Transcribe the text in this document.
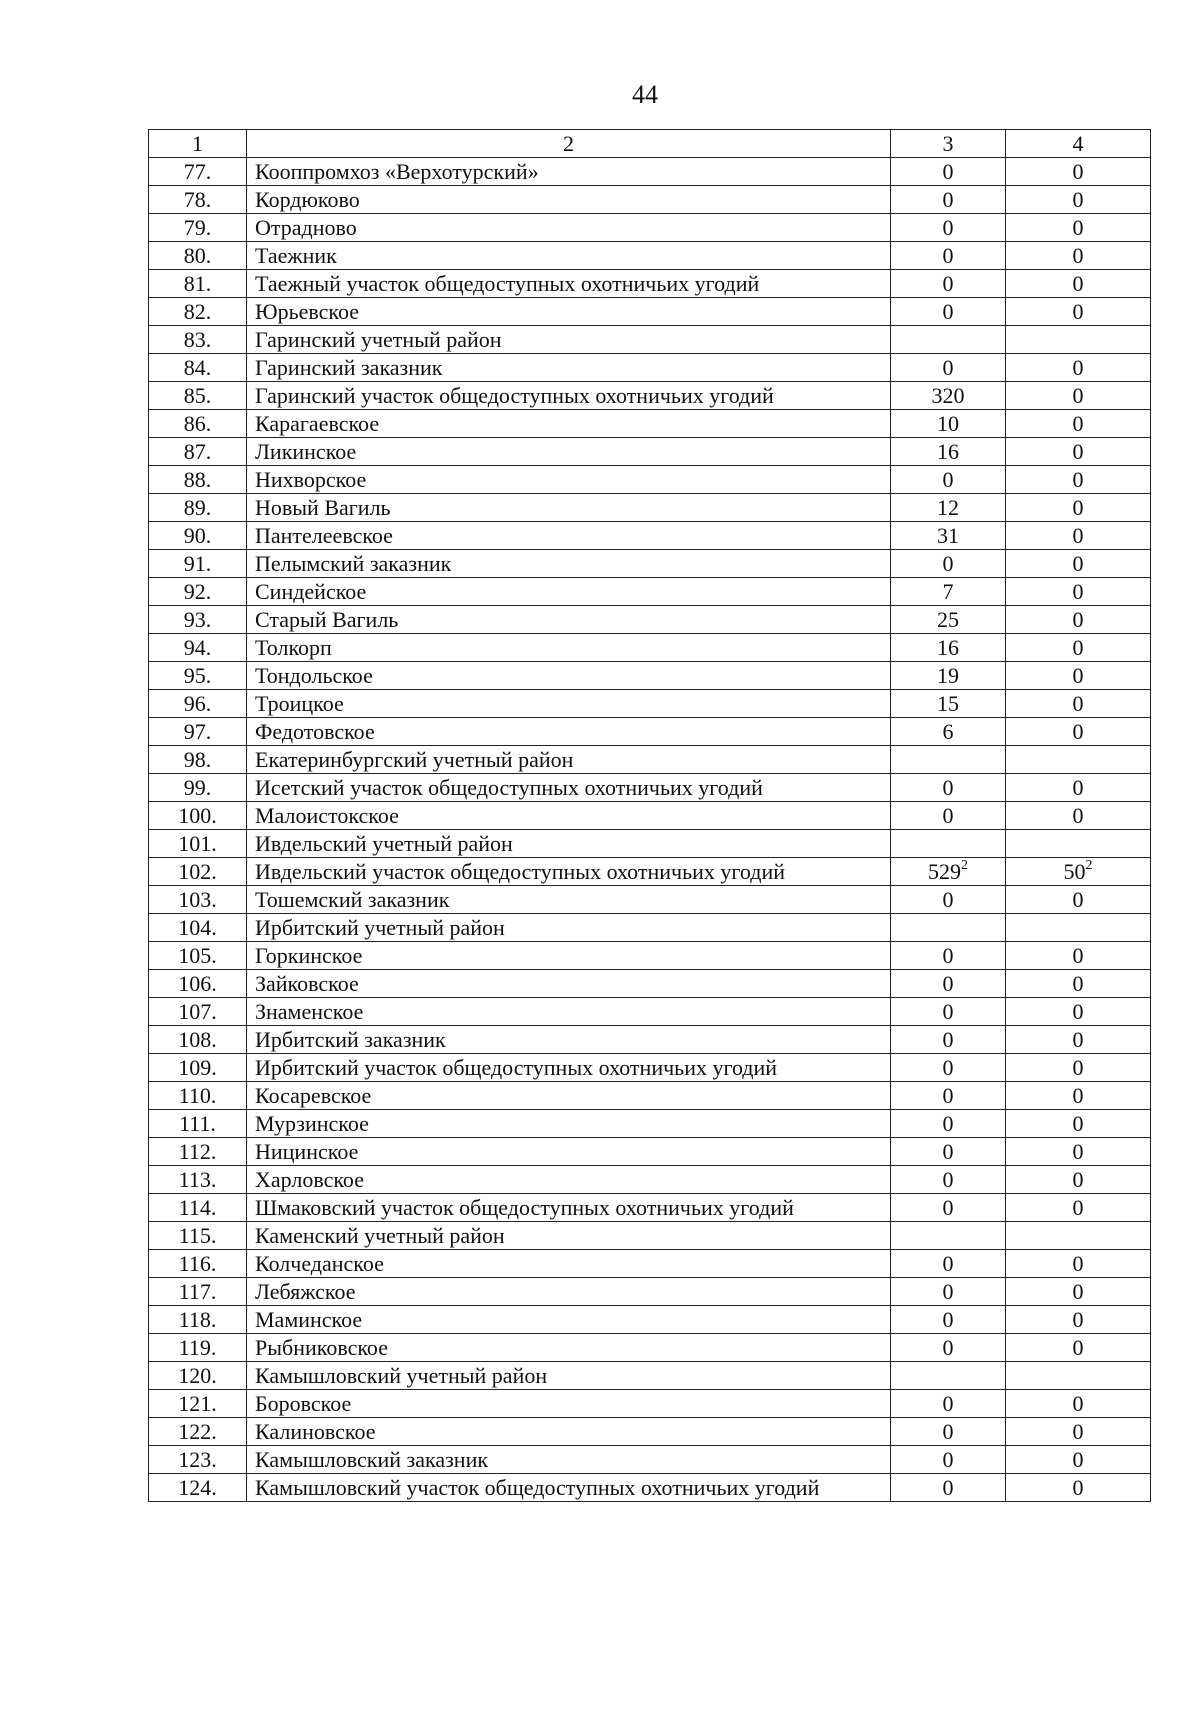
44
1	2	3	4
77.	Кооппромхоз «Верхотурский»	0	0
78.	Кордюково	0	0
79.	Отрадново	0	0
80.	Таежник	0	0
81.	Таежный участок общедоступных охотничьих угодий	0	0
82.	Юрьевское	0	0
83.	Гаринский учетный район		
84.	Гаринский заказник	0	0
85.	Гаринский участок общедоступных охотничьих угодий	320	0
86.	Карагаевское	10	0
87.	Ликинское	16	0
88.	Нихворское	0	0
89.	Новый Вагиль	12	0
90.	Пантелеевское	31	0
91.	Пелымский заказник	0	0
92.	Синдейское	7	0
93.	Старый Вагиль	25	0
94.	Толкорп	16	0
95.	Тондольское	19	0
96.	Троицкое	15	0
97.	Федотовское	6	0
98.	Екатеринбургский учетный район		
99.	Исетский участок общедоступных охотничьих угодий	0	0
100.	Малоистокское	0	0
101.	Ивдельский учетный район		
102.	Ивдельский участок общедоступных охотничьих угодий	$529^2$	$50^2$
103.	Тошемский заказник	0	0
104.	Ирбитский учетный район		
105.	Горкинское	0	0
106.	Зайковское	0	0
107.	Знаменское	0	0
108.	Ирбитский заказник	0	0
109.	Ирбитский участок общедоступных охотничьих угодий	0	0
110.	Косаревское	0	0
111.	Мурзинское	0	0
112.	Ницинское	0	0
113.	Харловское	0	0
114.	Шмаковский участок общедоступных охотничьих угодий	0	0
115.	Каменский учетный район		
116.	Колчеданское	0	0
117.	Лебяжское	0	0
118.	Маминское	0	0
119.	Рыбниковское	0	0
120.	Камышловский учетный район		
121.	Боровское	0	0
122.	Калиновское	0	0
123.	Камышловский заказник	0	0
124.	Камышловский участок общедоступных охотничьих угодий	0	0
